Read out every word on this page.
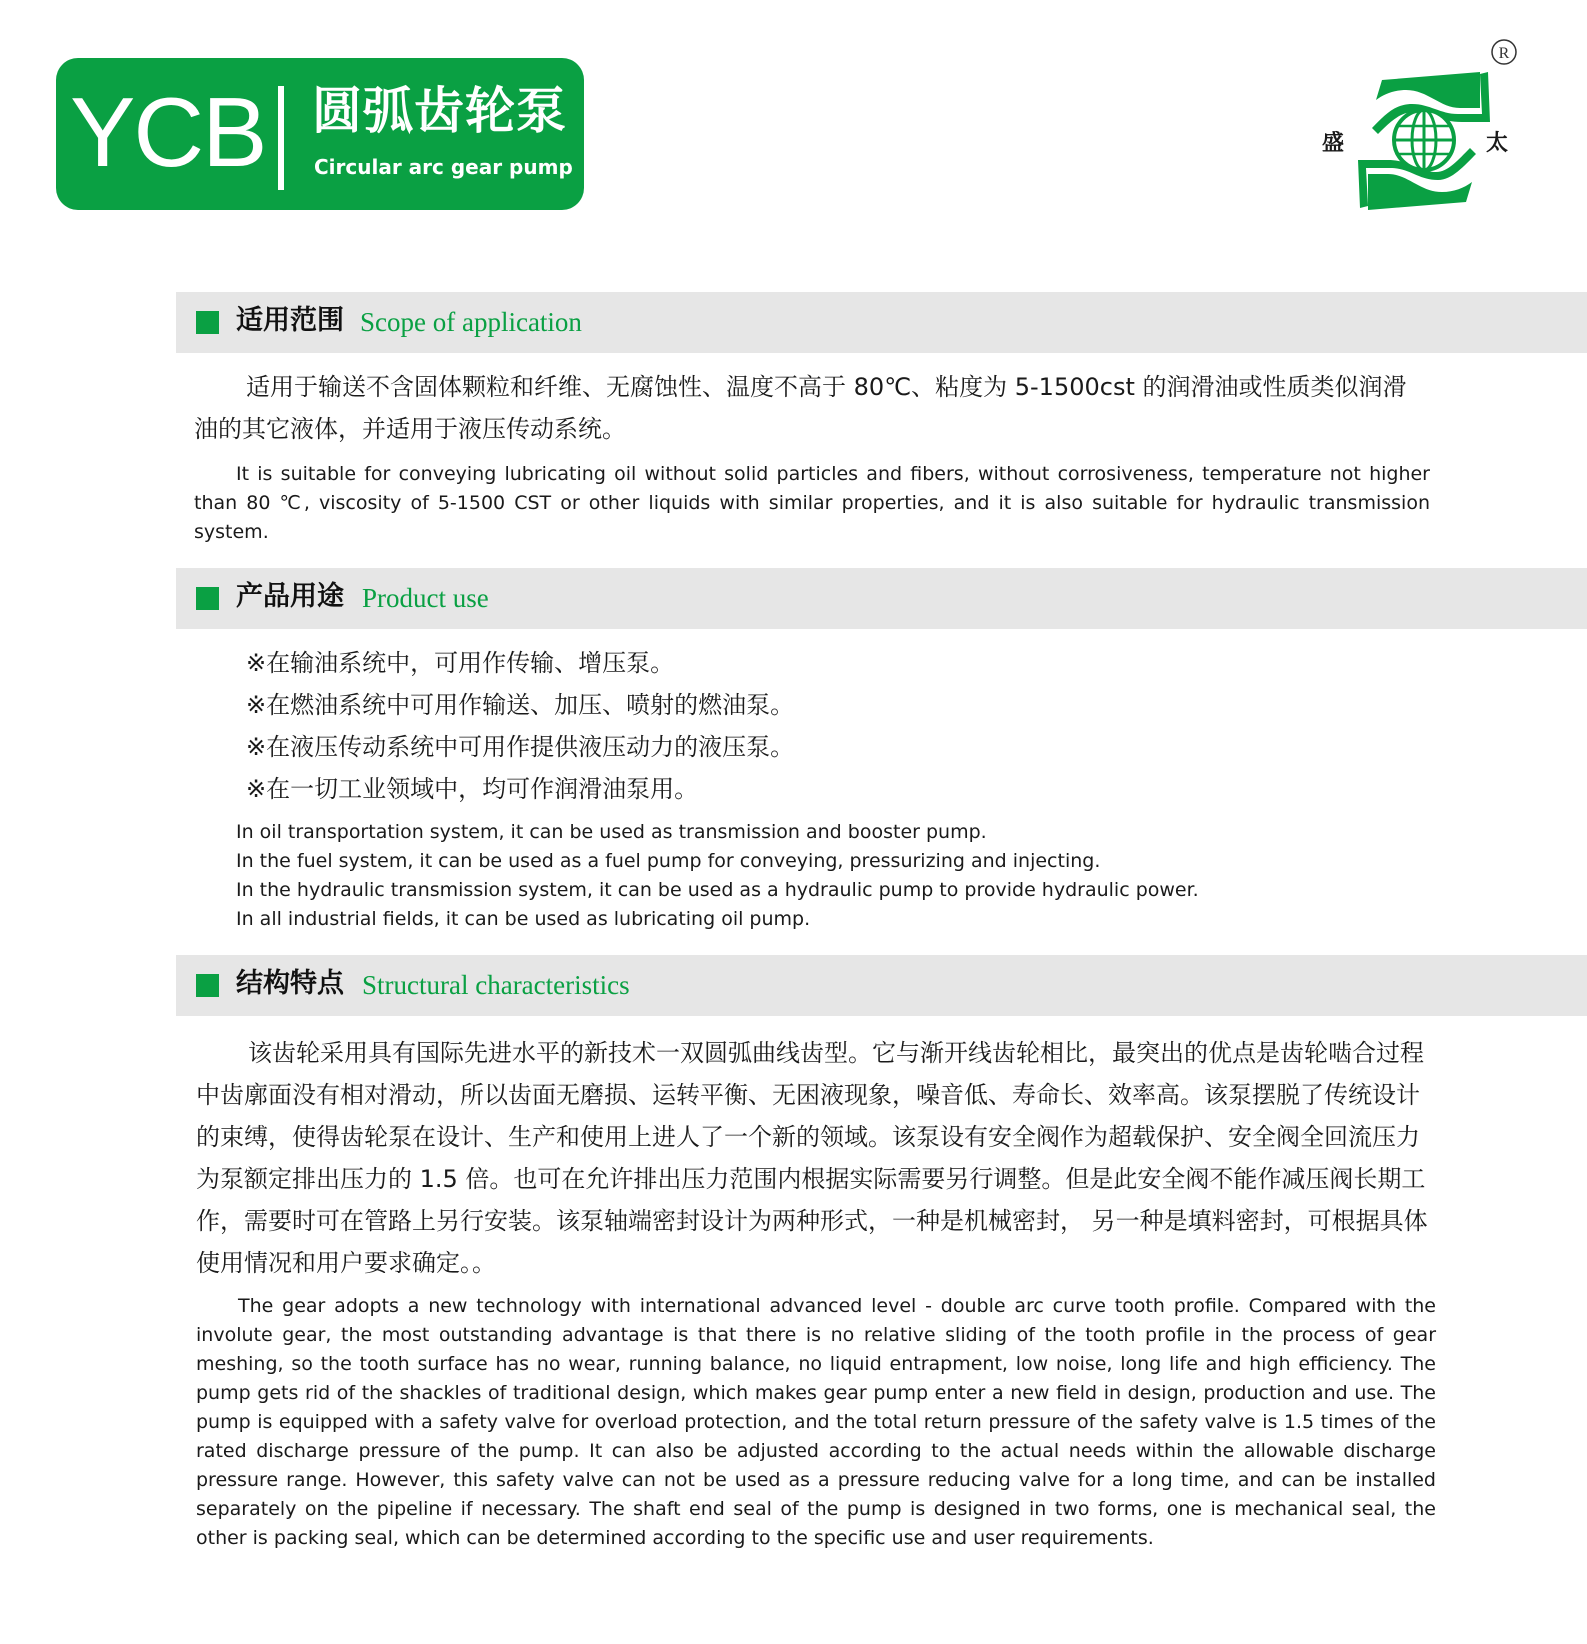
YCB 圆弧齿轮泵
Circular arc gear pump
R
盛	太
适用范围 Scope of application

适用于输送不含固体颗粒和纤维、无腐蚀性、温度不高于 80℃、粘度为 5-1500cst 的润滑油或性质类似润滑油的其它液体，并适用于液压传动系统。

It is suitable for conveying lubricating oil without solid particles and fibers, without corrosiveness, temperature not higher than 80 ℃, viscosity of 5-1500 CST or other liquids with similar properties, and it is also suitable for hydraulic transmission system.

产品用途 Product use
※在输油系统中，可用作传输、增压泵。
※在燃油系统中可用作输送、加压、喷射的燃油泵。
※在液压传动系统中可用作提供液压动力的液压泵。
※在一切工业领域中，均可作润滑油泵用。
In oil transportation system, it can be used as transmission and booster pump.
In the fuel system, it can be used as a fuel pump for conveying, pressurizing and injecting.
In the hydraulic transmission system, it can be used as a hydraulic pump to provide hydraulic power.
In all industrial fields, it can be used as lubricating oil pump.
结构特点 Structural characteristics

该齿轮采用具有国际先进水平的新技术一双圆弧曲线齿型。它与渐开线齿轮相比，最突出的优点是齿轮啮合过程中齿廓面没有相对滑动，所以齿面无磨损、运转平衡、无困液现象，噪音低、寿命长、效率高。该泵摆脱了传统设计的束缚，使得齿轮泵在设计、生产和使用上进人了一个新的领域。该泵设有安全阀作为超载保护、安全阀全回流压力为泵额定排出压力的 1.5 倍。也可在允许排出压力范围内根据实际需要另行调整。但是此安全阀不能作减压阀长期工作，需要时可在管路上另行安装。该泵轴端密封设计为两种形式，一种是机械密封， 另一种是填料密封，可根据具体使用情况和用户要求确定。。

The gear adopts a new technology with international advanced level - double arc curve tooth profile. Compared with the involute gear, the most outstanding advantage is that there is no relative sliding of the tooth profile in the process of gear meshing, so the tooth surface has no wear, running balance, no liquid entrapment, low noise, long life and high efficiency. The pump gets rid of the shackles of traditional design, which makes gear pump enter a new field in design, production and use. The pump is equipped with a safety valve for overload protection, and the total return pressure of the safety valve is 1.5 times of the rated discharge pressure of the pump. It can also be adjusted according to the actual needs within the allowable discharge pressure range. However, this safety valve can not be used as a pressure reducing valve for a long time, and can be installed separately on the pipeline if necessary. The shaft end seal of the pump is designed in two forms, one is mechanical seal, the other is packing seal, which can be determined according to the specific use and user requirements.
